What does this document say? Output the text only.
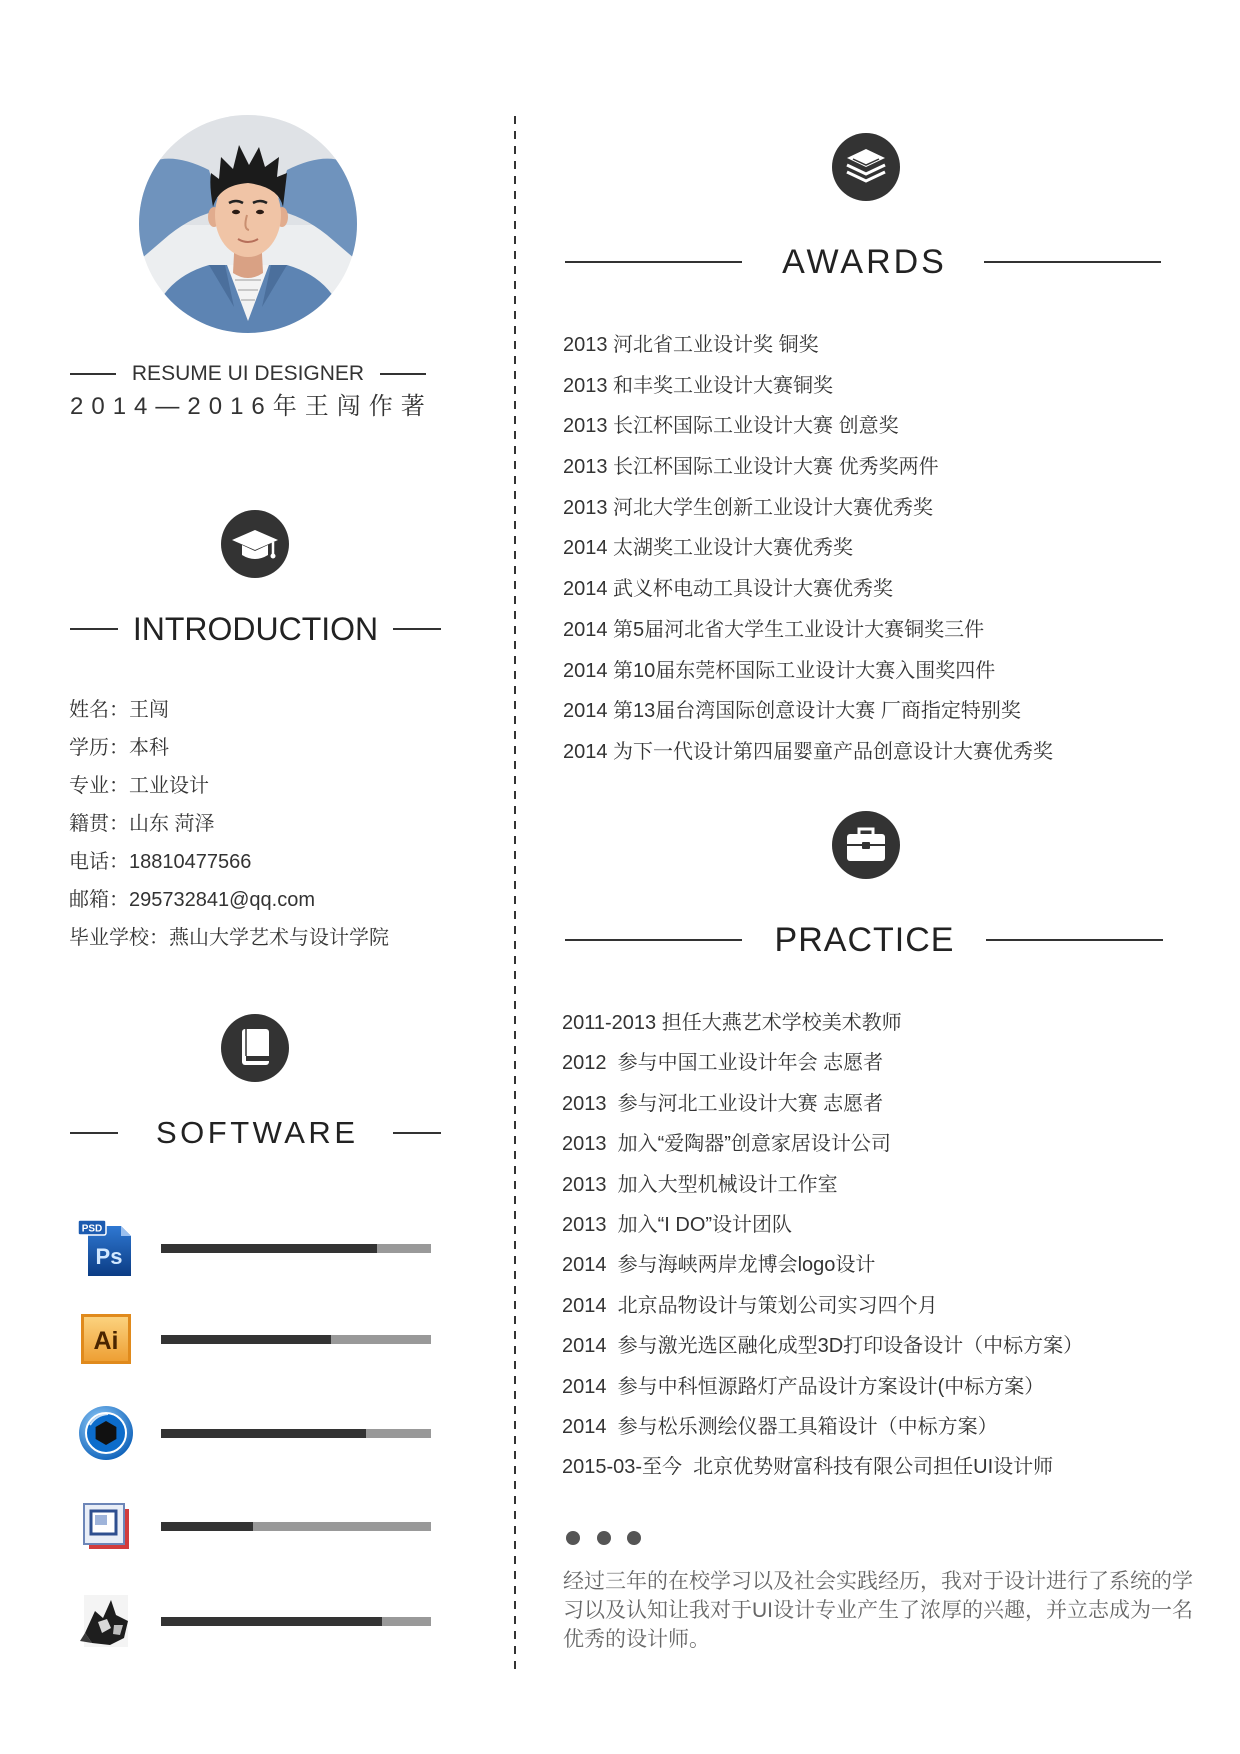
RESUME UI DESIGNER
2014—2016年王闯作著
INTRODUCTION
姓名：王闯
学历：本科
专业：工业设计
籍贯：山东 菏泽
电话：18810477566
邮箱：295732841@qq.com
毕业学校：燕山大学艺术与设计学院
SOFTWARE
PSD
Ps
Ai
AWARDS
2013 河北省工业设计奖 铜奖
2013 和丰奖工业设计大赛铜奖
2013 长江杯国际工业设计大赛 创意奖
2013 长江杯国际工业设计大赛 优秀奖两件
2013 河北大学生创新工业设计大赛优秀奖
2014 太湖奖工业设计大赛优秀奖
2014 武义杯电动工具设计大赛优秀奖
2014 第5届河北省大学生工业设计大赛铜奖三件
2014 第10届东莞杯国际工业设计大赛入围奖四件
2014 第13届台湾国际创意设计大赛 厂商指定特别奖
2014 为下一代设计第四届婴童产品创意设计大赛优秀奖
PRACTICE
2011-2013 担任大燕艺术学校美术教师
2012  参与中国工业设计年会 志愿者
2013  参与河北工业设计大赛 志愿者
2013  加入“爱陶器”创意家居设计公司
2013  加入大型机械设计工作室
2013  加入“I DO”设计团队
2014  参与海峡两岸龙博会logo设计
2014  北京品物设计与策划公司实习四个月
2014  参与激光选区融化成型3D打印设备设计（中标方案）
2014  参与中科恒源路灯产品设计方案设计(中标方案）
2014  参与松乐测绘仪器工具箱设计（中标方案）
2015-03-至今  北京优势财富科技有限公司担任UI设计师
经过三年的在校学习以及社会实践经历，我对于设计进行了系统的学习以及认知让我对于UI设计专业产生了浓厚的兴趣，并立志成为一名优秀的设计师。
